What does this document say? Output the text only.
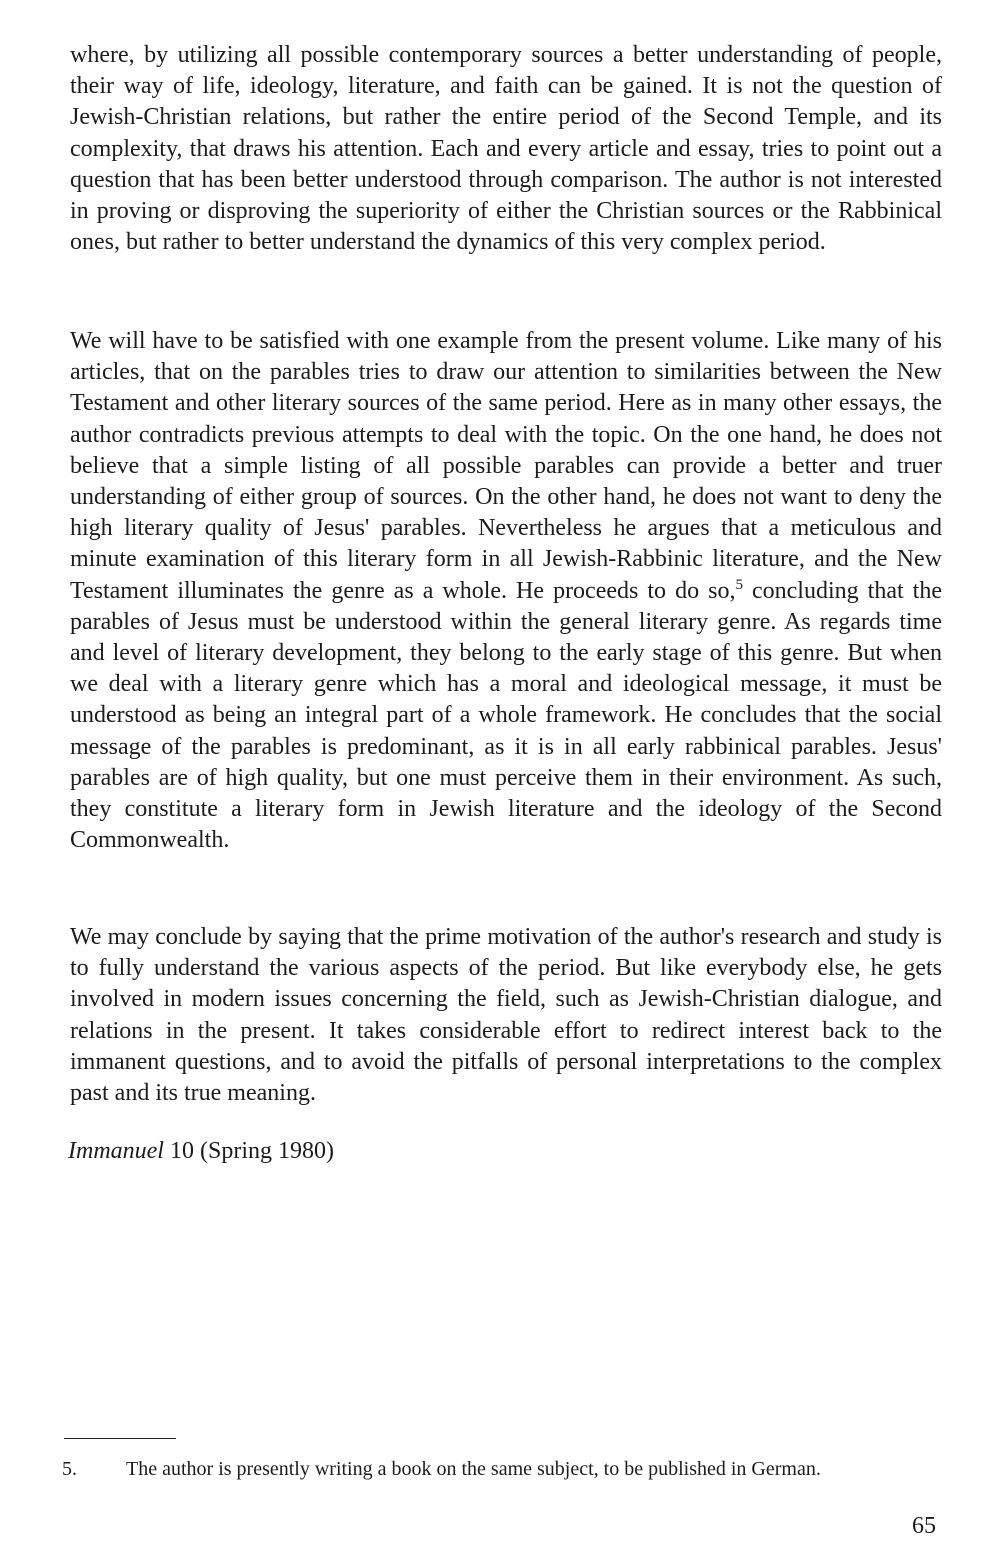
where, by utilizing all possible contemporary sources a better understanding of people, their way of life, ideology, literature, and faith can be gained. It is not the question of Jewish-Christian relations, but rather the entire period of the Second Temple, and its complexity, that draws his attention. Each and every article and essay, tries to point out a question that has been better understood through comparison. The author is not interested in proving or disproving the superiority of either the Christian sources or the Rabbinical ones, but rather to better understand the dynamics of this very complex period.

We will have to be satisfied with one example from the present volume. Like many of his articles, that on the parables tries to draw our attention to similarities between the New Testament and other literary sources of the same period. Here as in many other essays, the author contradicts previous attempts to deal with the topic. On the one hand, he does not believe that a simple listing of all possible parables can provide a better and truer understanding of either group of sources. On the other hand, he does not want to deny the high literary quality of Jesus' parables. Nevertheless he argues that a meticulous and minute examination of this literary form in all Jewish-Rabbinic literature, and the New Testament illuminates the genre as a whole. He proceeds to do so,$^5$ concluding that the parables of Jesus must be understood within the general literary genre. As regards time and level of literary development, they belong to the early stage of this genre. But when we deal with a literary genre which has a moral and ideological message, it must be understood as being an integral part of a whole framework. He concludes that the social message of the parables is predominant, as it is in all early rabbinical parables. Jesus' parables are of high quality, but one must perceive them in their environment. As such, they constitute a literary form in Jewish literature and the ideology of the Second Commonwealth.

We may conclude by saying that the prime motivation of the author's research and study is to fully understand the various aspects of the period. But like everybody else, he gets involved in modern issues concerning the field, such as Jewish-Christian dialogue, and relations in the present. It takes considerable effort to redirect interest back to the immanent questions, and to avoid the pitfalls of personal interpretations to the complex past and its true meaning.

Immanuel 10 (Spring 1980)
5. The author is presently writing a book on the same subject, to be published in German.
65
